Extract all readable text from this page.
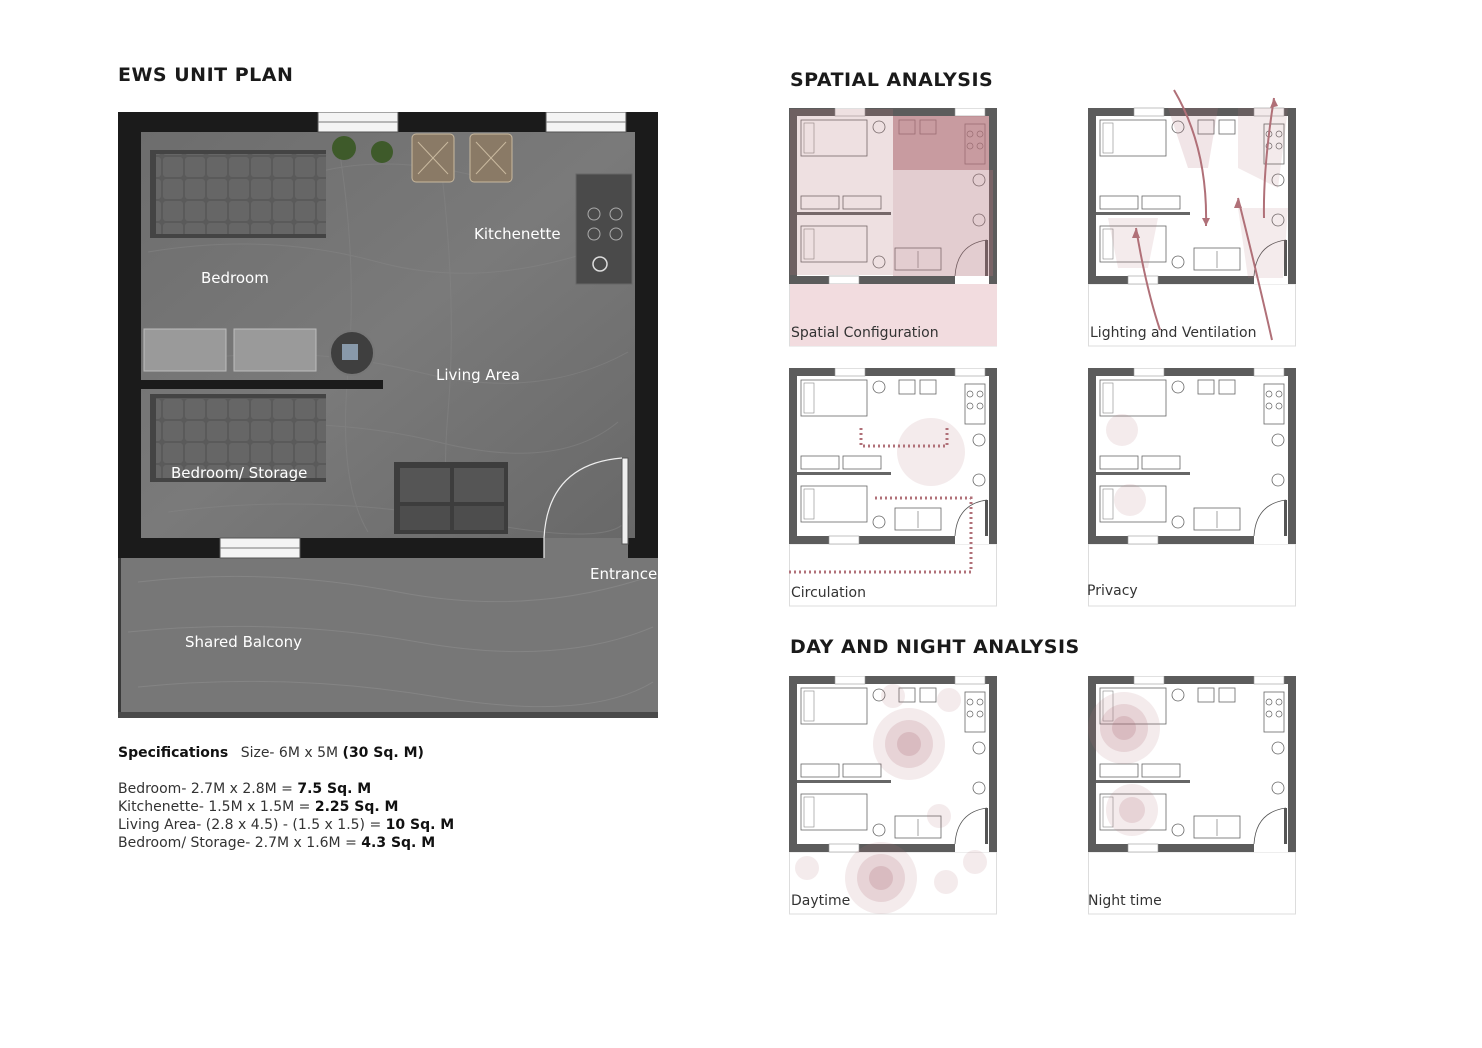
EWS UNIT PLAN
Bedroom
Kitchenette
Living Area
Bedroom/ Storage
Entrance
Shared Balcony
Specifications Size- 6M x 5M (30 Sq. M)
Bedroom- 2.7M x 2.8M = 7.5 Sq. M
Kitchenette- 1.5M x 1.5M = 2.25 Sq. M
Living Area- (2.8 x 4.5) - (1.5 x 1.5) = 10 Sq. M
Bedroom/ Storage- 2.7M x 1.6M = 4.3 Sq. M
SPATIAL ANALYSIS
DAY AND NIGHT ANALYSIS
Spatial Configuration	Lighting and Ventilation
Circulation	Privacy
Daytime	Night time
